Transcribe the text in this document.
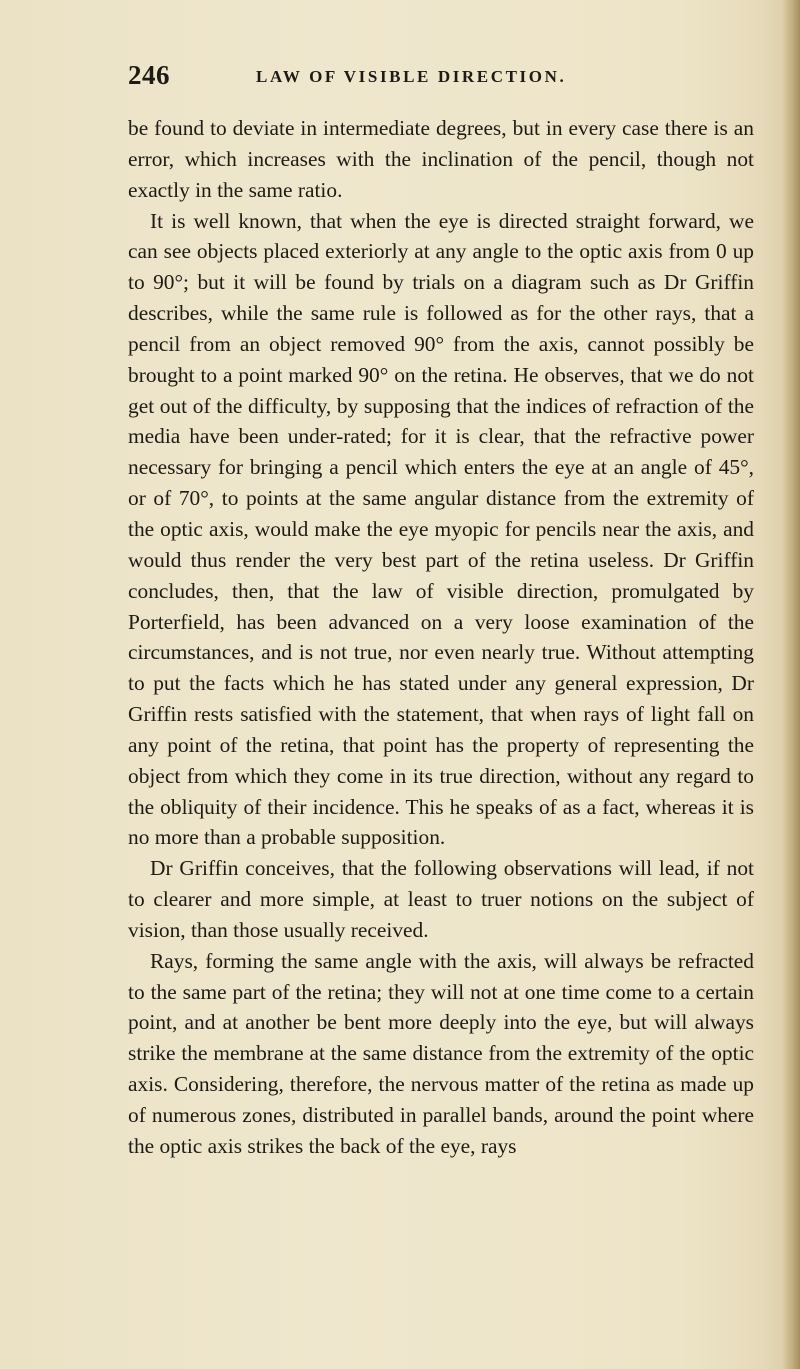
246	LAW OF VISIBLE DIRECTION.

be found to deviate in intermediate degrees, but in every case there is an error, which increases with the inclination of the pencil, though not exactly in the same ratio.

It is well known, that when the eye is directed straight forward, we can see objects placed exteriorly at any angle to the optic axis from 0 up to 90°; but it will be found by trials on a diagram such as Dr Griffin describes, while the same rule is followed as for the other rays, that a pencil from an object removed 90° from the axis, cannot possibly be brought to a point marked 90° on the retina. He observes, that we do not get out of the difficulty, by supposing that the indices of refraction of the media have been under-rated; for it is clear, that the refractive power necessary for bringing a pencil which enters the eye at an angle of 45°, or of 70°, to points at the same angular distance from the extremity of the optic axis, would make the eye myopic for pencils near the axis, and would thus render the very best part of the retina useless. Dr Griffin concludes, then, that the law of visible direction, promulgated by Porterfield, has been advanced on a very loose examination of the circumstances, and is not true, nor even nearly true. Without attempting to put the facts which he has stated under any general expression, Dr Griffin rests satisfied with the statement, that when rays of light fall on any point of the retina, that point has the property of representing the object from which they come in its true direction, without any regard to the obliquity of their incidence. This he speaks of as a fact, whereas it is no more than a probable supposition.

Dr Griffin conceives, that the following observations will lead, if not to clearer and more simple, at least to truer notions on the subject of vision, than those usually received.

Rays, forming the same angle with the axis, will always be refracted to the same part of the retina; they will not at one time come to a certain point, and at another be bent more deeply into the eye, but will always strike the membrane at the same distance from the extremity of the optic axis. Considering, therefore, the nervous matter of the retina as made up of numerous zones, distributed in parallel bands, around the point where the optic axis strikes the back of the eye, rays
